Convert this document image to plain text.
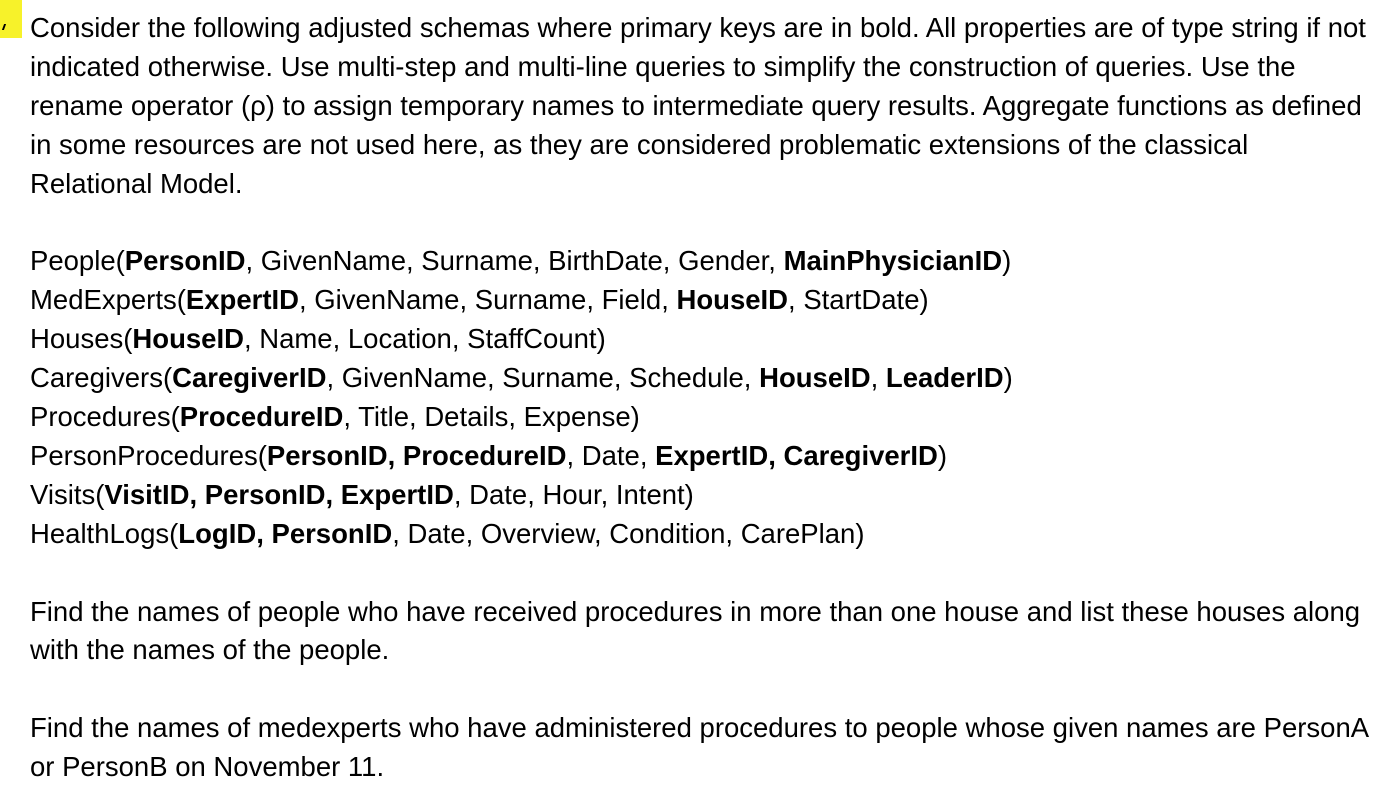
Consider the following adjusted schemas where primary keys are in bold. All properties are of type string if not indicated otherwise. Use multi-step and multi-line queries to simplify the construction of queries. Use the rename operator (ρ) to assign temporary names to intermediate query results. Aggregate functions as defined in some resources are not used here, as they are considered problematic extensions of the classical Relational Model.

People(PersonID, GivenName, Surname, BirthDate, Gender, MainPhysicianID)
MedExperts(ExpertID, GivenName, Surname, Field, HouseID, StartDate)
Houses(HouseID, Name, Location, StaffCount)
Caregivers(CaregiverID, GivenName, Surname, Schedule, HouseID, LeaderID)
Procedures(ProcedureID, Title, Details, Expense)
PersonProcedures(PersonID, ProcedureID, Date, ExpertID, CaregiverID)
Visits(VisitID, PersonID, ExpertID, Date, Hour, Intent)
HealthLogs(LogID, PersonID, Date, Overview, Condition, CarePlan)

Find the names of people who have received procedures in more than one house and list these houses along with the names of the people.

Find the names of medexperts who have administered procedures to people whose given names are PersonA or PersonB on November 11.
